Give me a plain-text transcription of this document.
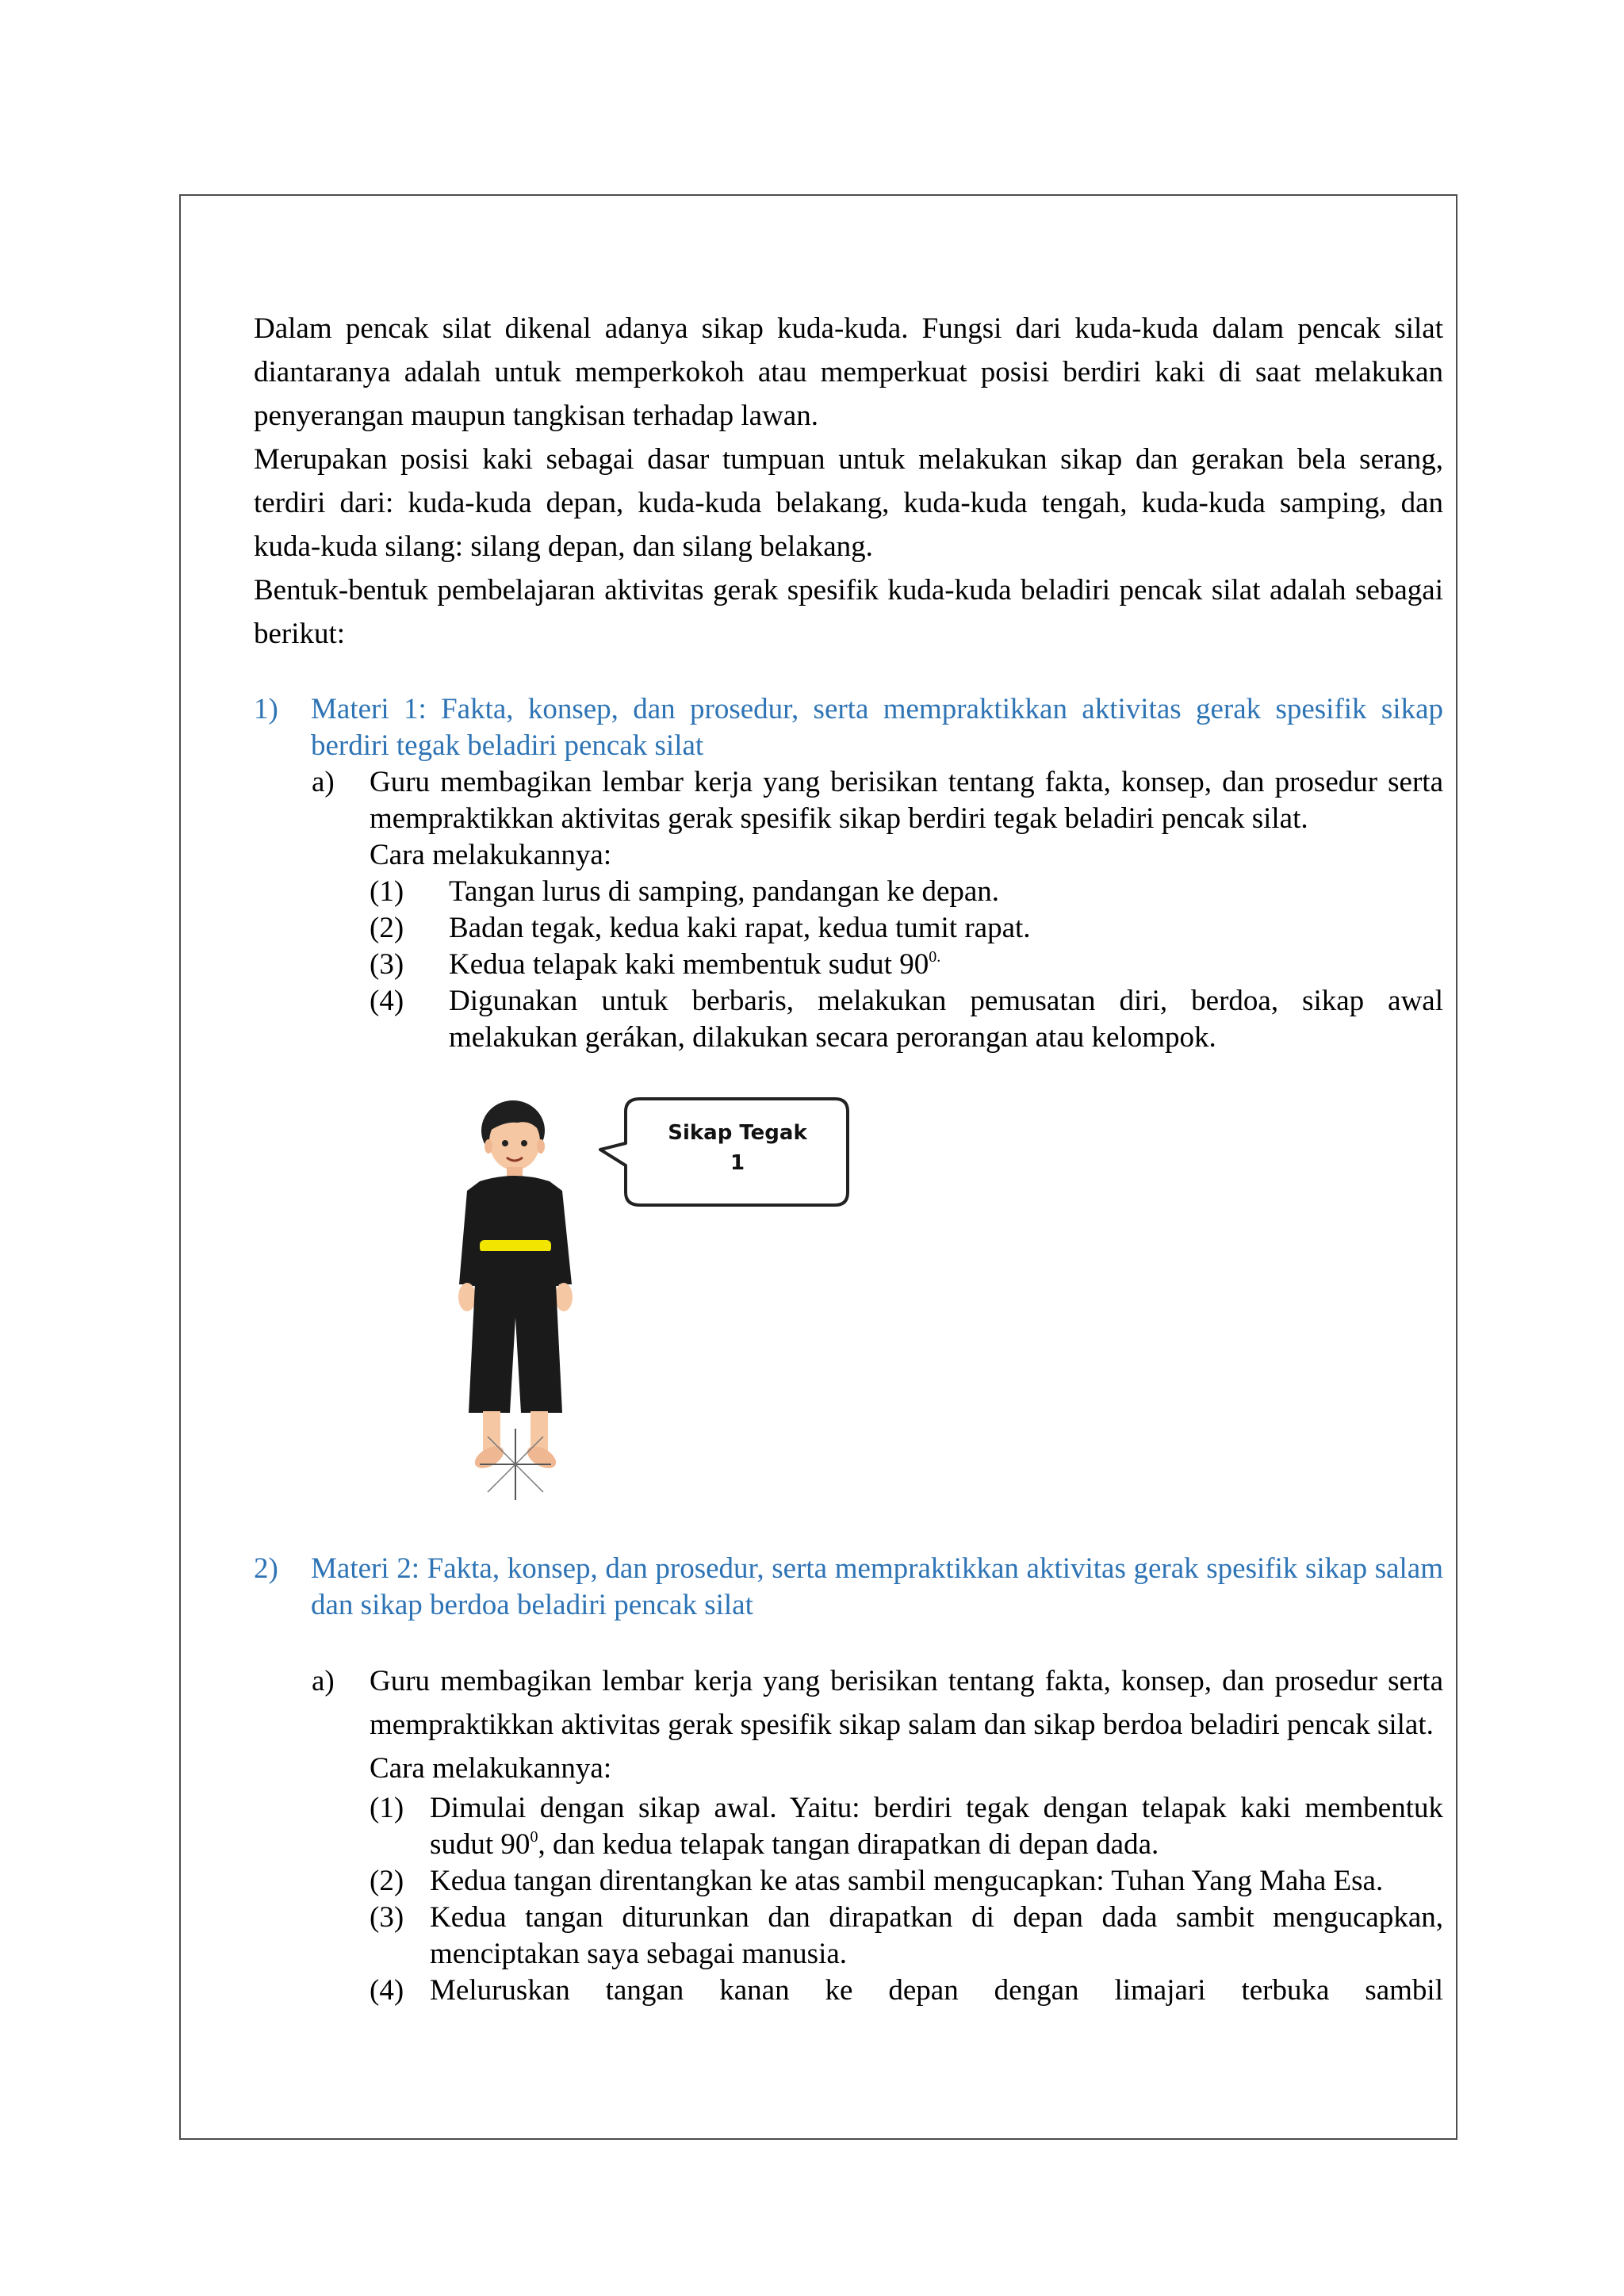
Dalam pencak silat dikenal adanya sikap kuda-kuda. Fungsi dari kuda-kuda dalam pencak silat diantaranya adalah untuk memperkokoh atau memperkuat posisi berdiri kaki di saat melakukan penyerangan maupun tangkisan terhadap lawan.

Merupakan posisi kaki sebagai dasar tumpuan untuk melakukan sikap dan gerakan bela serang, terdiri dari: kuda-kuda depan, kuda-kuda belakang, kuda-kuda tengah, kuda-kuda samping, dan kuda-kuda silang: silang depan, dan silang belakang.

Bentuk-bentuk pembelajaran aktivitas gerak spesifik kuda-kuda beladiri pencak silat adalah sebagai berikut:

1) Materi 1: Fakta, konsep, dan prosedur, serta mempraktikkan aktivitas gerak spesifik sikap berdiri tegak beladiri pencak silat

a) Guru membagikan lembar kerja yang berisikan tentang fakta, konsep, dan prosedur serta mempraktikkan aktivitas gerak spesifik sikap berdiri tegak beladiri pencak silat.

Cara melakukannya:

(1) Tangan lurus di samping, pandangan ke depan.

(2) Badan tegak, kedua kaki rapat, kedua tumit rapat.

(3) Kedua telapak kaki membentuk sudut $90^{0.}$

(4) Digunakan untuk berbaris, melakukan pemusatan diri, berdoa, sikap awal melakukan gerákan, dilakukan secara perorangan atau kelompok.

Sikap Tegak
1

2) Materi 2: Fakta, konsep, dan prosedur, serta mempraktikkan aktivitas gerak spesifik sikap salam dan sikap berdoa beladiri pencak silat

a) Guru membagikan lembar kerja yang berisikan tentang fakta, konsep, dan prosedur serta mempraktikkan aktivitas gerak spesifik sikap salam dan sikap berdoa beladiri pencak silat.

Cara melakukannya:

(1) Dimulai dengan sikap awal. Yaitu: berdiri tegak dengan telapak kaki membentuk sudut $90^0$, dan kedua telapak tangan dirapatkan di depan dada.

(2) Kedua tangan direntangkan ke atas sambil mengucapkan: Tuhan Yang Maha Esa.

(3) Kedua tangan diturunkan dan dirapatkan di depan dada sambit mengucapkan, menciptakan saya sebagai manusia.

(4) Meluruskan tangan kanan ke depan dengan limajari terbuka sambil
